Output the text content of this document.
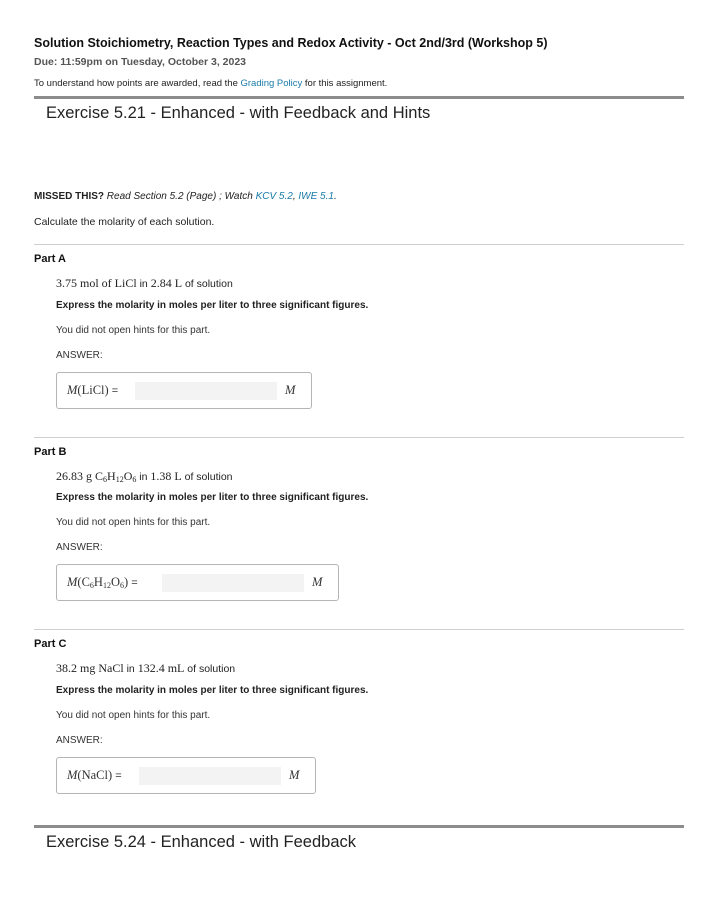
Solution Stoichiometry, Reaction Types and Redox Activity - Oct 2nd/3rd (Workshop 5)
Due: 11:59pm on Tuesday, October 3, 2023
To understand how points are awarded, read the Grading Policy for this assignment.
Exercise 5.21 - Enhanced - with Feedback and Hints
MISSED THIS? Read Section 5.2 (Page) ; Watch KCV 5.2, IWE 5.1.
Calculate the molarity of each solution.
Part A
3.75 mol of LiCl in 2.84 L of solution
Express the molarity in moles per liter to three significant figures.
You did not open hints for this part.
ANSWER:
M(LiCl) =	M
Part B
26.83 g $C_6H_{12}O_6$ in 1.38 L of solution
Express the molarity in moles per liter to three significant figures.
You did not open hints for this part.
ANSWER:
$M(C_6H_{12}O_6)$ =	M
Part C
38.2 mg NaCl in 132.4 mL of solution
Express the molarity in moles per liter to three significant figures.
You did not open hints for this part.
ANSWER:
M(NaCl) =	M
Exercise 5.24 - Enhanced - with Feedback
